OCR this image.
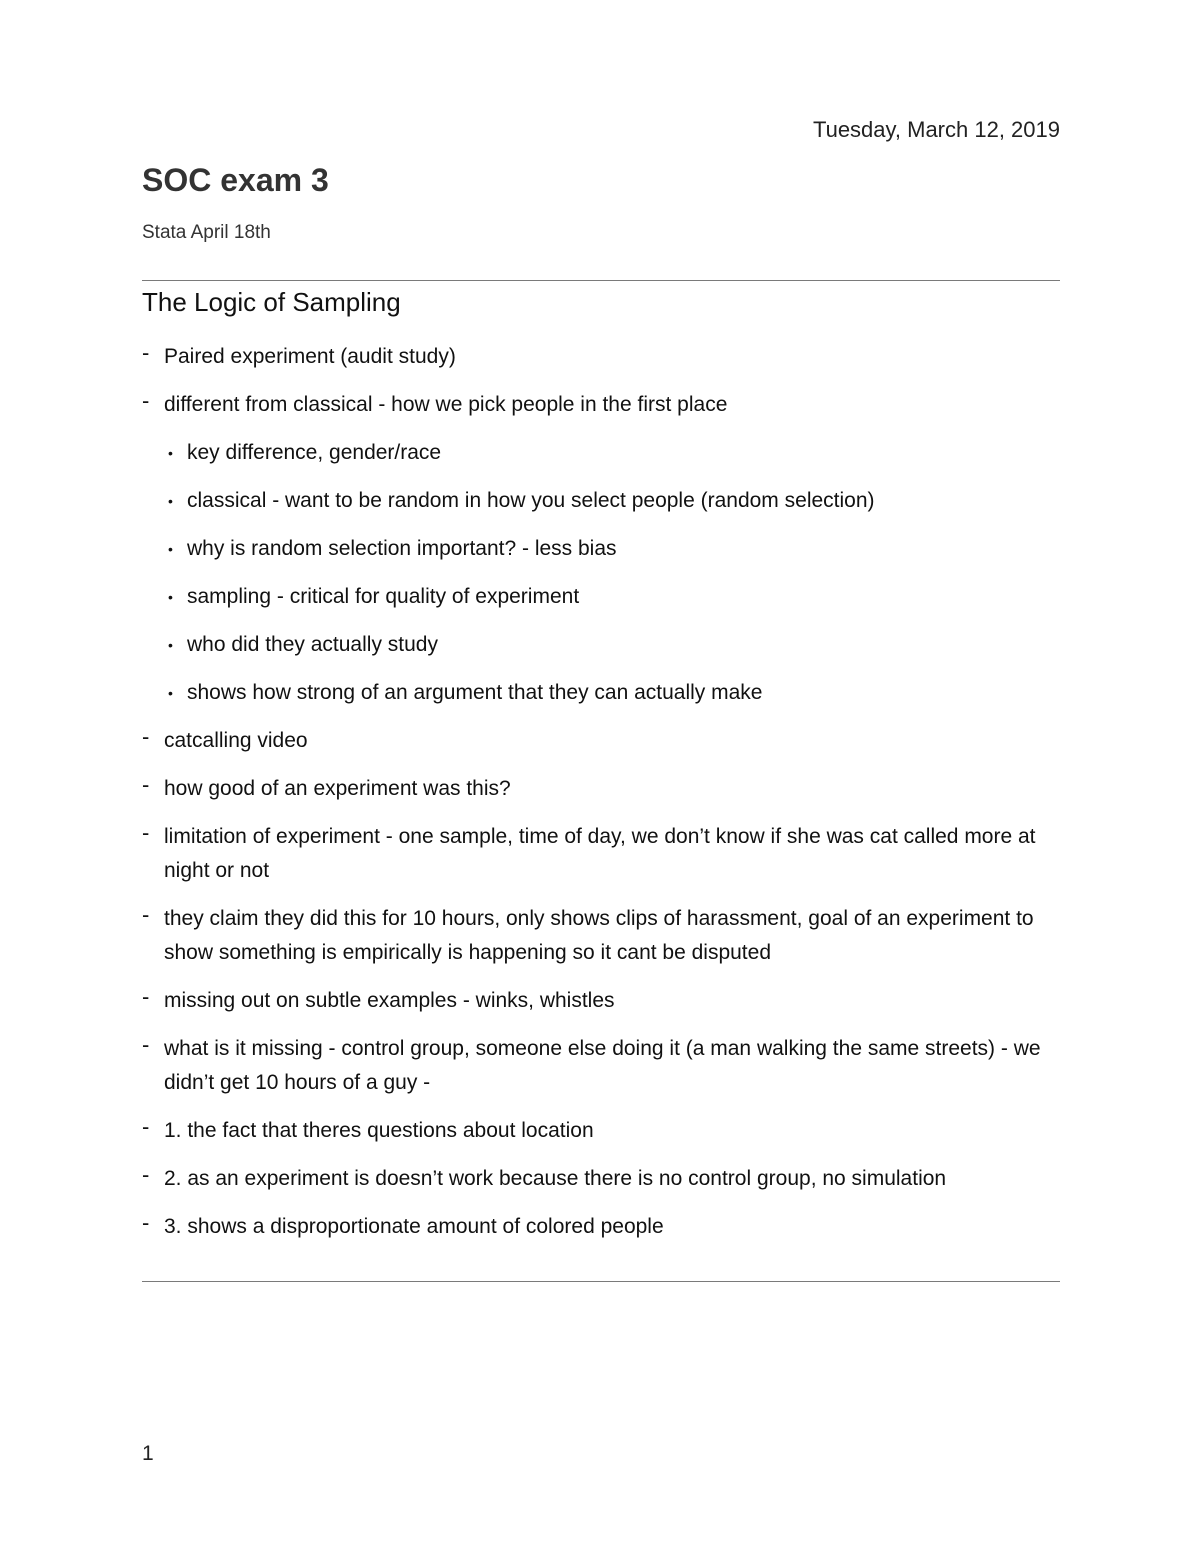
Tuesday, March 12, 2019
SOC exam 3
Stata April 18th
The Logic of Sampling
- Paired experiment (audit study)
- different from classical - how we pick people in the first place
• key difference, gender/race
• classical - want to be random in how you select people (random selection)
• why is random selection important? - less bias
• sampling - critical for quality of experiment
• who did they actually study
• shows how strong of an argument that they can actually make
- catcalling video
- how good of an experiment was this?
- limitation of experiment - one sample, time of day, we don’t know if she was cat called more at night or not
- they claim they did this for 10 hours, only shows clips of harassment, goal of an experiment to show something is empirically is happening so it cant be disputed
- missing out on subtle examples - winks, whistles
- what is it missing - control group, someone else doing it (a man walking the same streets) - we didn’t get 10 hours of a guy -
- 1. the fact that theres questions about location
- 2. as an experiment is doesn’t work because there is no control group, no simulation
- 3. shows a disproportionate amount of colored people
1
